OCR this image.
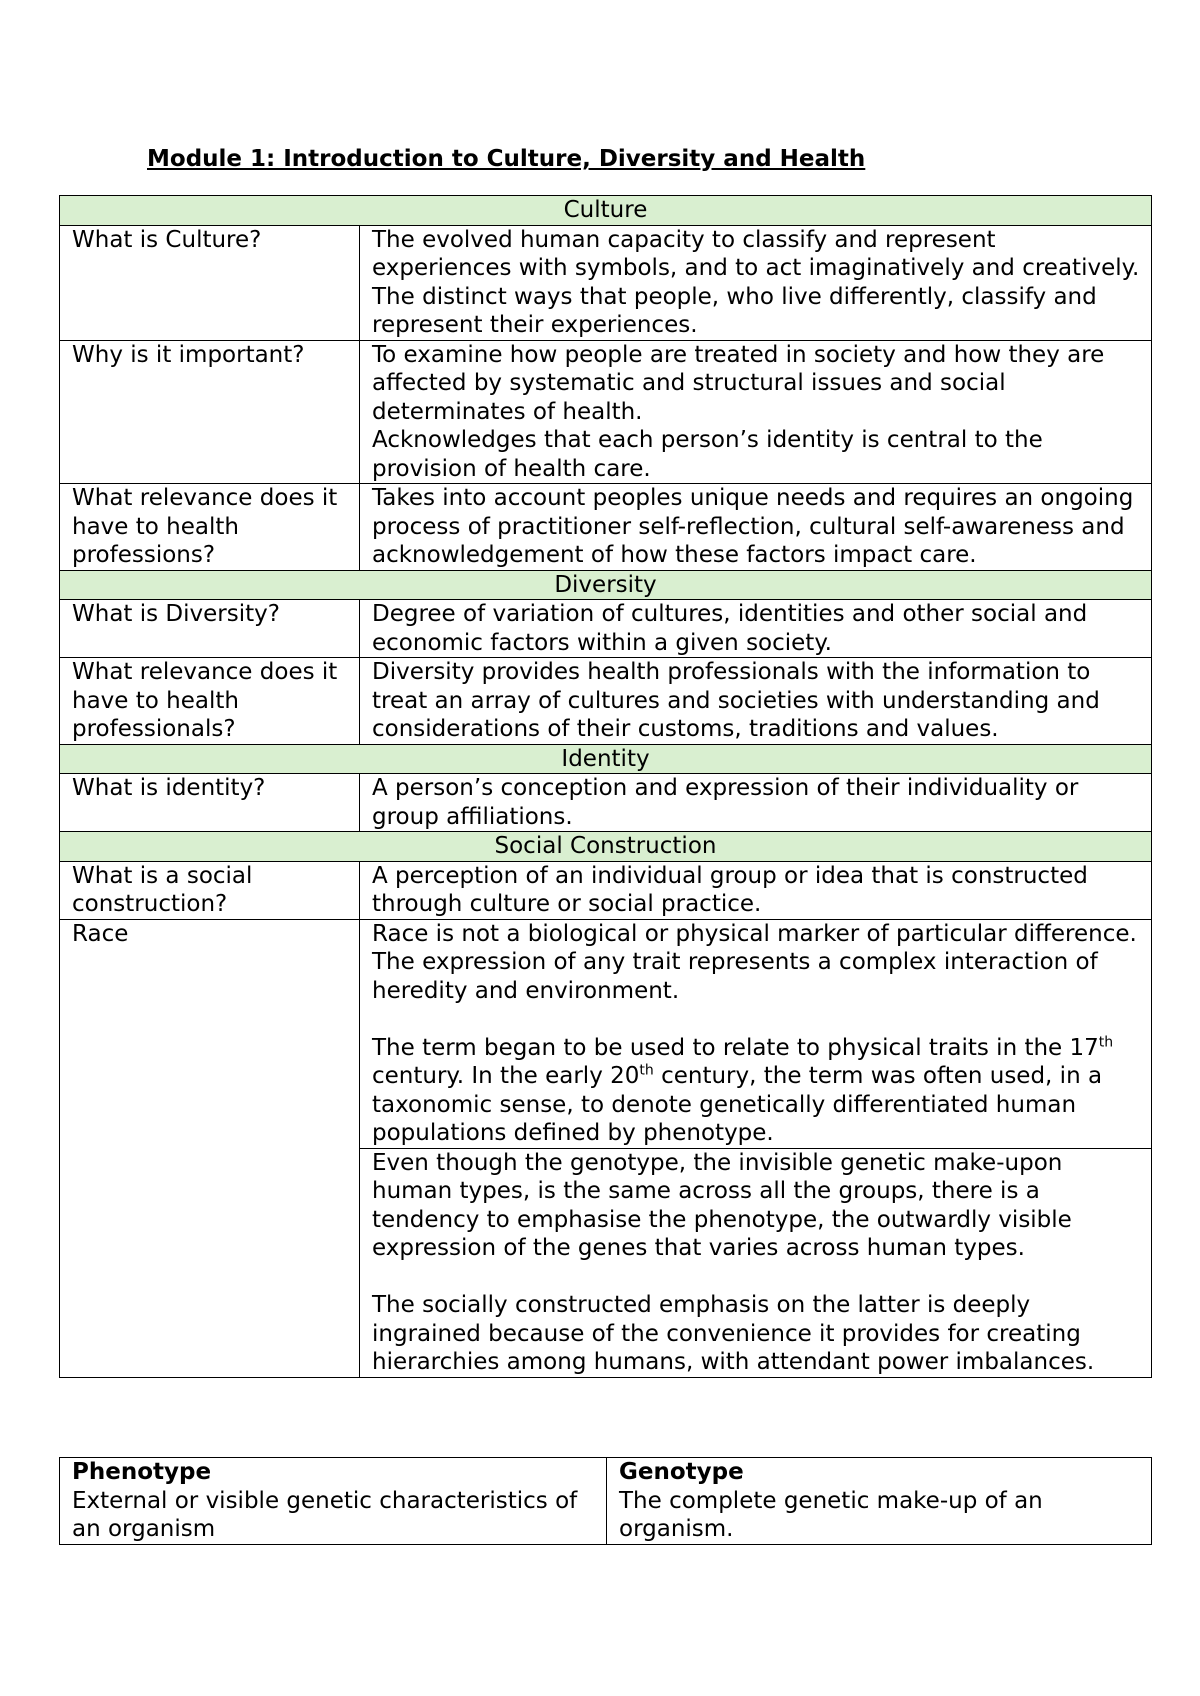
Module 1: Introduction to Culture, Diversity and Health
Culture	
What is Culture?	The evolved human capacity to classify and represent experiences with symbols, and to act imaginatively and creatively.
The distinct ways that people, who live differently, classify and represent their experiences.

Why is it important?	To examine how people are treated in society and how they are affected by systematic and structural issues and social determinates of health.
Acknowledges that each person’s identity is central to the provision of health care.

What relevance does it have to health professions?	Takes into account peoples unique needs and requires an ongoing process of practitioner self-reflection, cultural self-awareness and acknowledgement of how these factors impact care.
Diversity	
What is Diversity?	Degree of variation of cultures, identities and other social and economic factors within a given society.
What relevance does it have to health professionals?	Diversity provides health professionals with the information to treat an array of cultures and societies with understanding and considerations of their customs, traditions and values.
Identity	
What is identity?	A person’s conception and expression of their individuality or group affiliations.
Social Construction	
What is a social construction?	A perception of an individual group or idea that is constructed through culture or social practice.
Race	Race is not a biological or physical marker of particular difference.
The expression of any trait represents a complex interaction of heredity and environment.
The term began to be used to relate to physical traits in the 17th century. In the early 20th century, the term was often used, in a taxonomic sense, to denote genetically differentiated human populations defined by phenotype.

	Even though the genotype, the invisible genetic make-upon human types, is the same across all the groups, there is a tendency to emphasise the phenotype, the outwardly visible expression of the genes that varies across human types.
The socially constructed emphasis on the latter is deeply ingrained because of the convenience it provides for creating hierarchies among humans, with attendant power imbalances.
Phenotype
External or visible genetic characteristics of an organism

Genotype
The complete genetic make-up of an organism.
